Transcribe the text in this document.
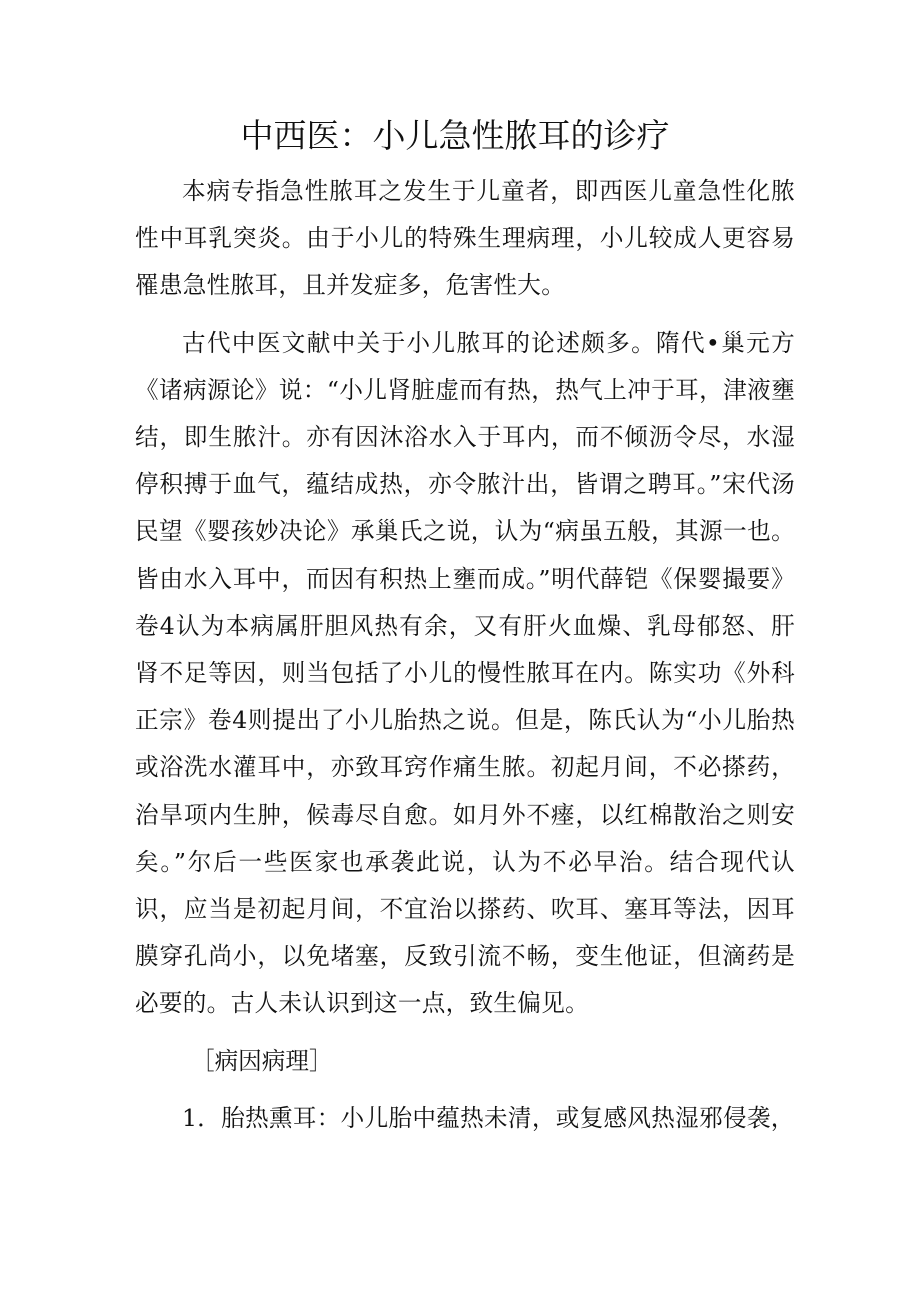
中西医：小儿急性脓耳的诊疗

本病专指急性脓耳之发生于儿童者，即西医儿童急性化脓性中耳乳突炎。由于小儿的特殊生理病理，小儿较成人更容易罹患急性脓耳，且并发症多，危害性大。

古代中医文献中关于小儿脓耳的论述颇多。隋代•巢元方《诸病源论》说：“小儿肾脏虚而有热，热气上冲于耳，津液壅结，即生脓汁。亦有因沐浴水入于耳内，而不倾沥令尽，水湿停积搏于血气，蕴结成热，亦令脓汁出，皆谓之聘耳。”宋代汤民望《婴孩妙决论》承巢氏之说，认为“病虽五般，其源一也。皆由水入耳中，而因有积热上壅而成。”明代薛铠《保婴撮要》卷4认为本病属肝胆风热有余，又有肝火血燥、乳母郁怒、肝肾不足等因，则当包括了小儿的慢性脓耳在内。陈实功《外科正宗》卷4则提出了小儿胎热之说。但是，陈氏认为“小儿胎热或浴洗水灌耳中，亦致耳窍作痛生脓。初起月间，不必搽药，治旱项内生肿，候毒尽自愈。如月外不瘗，以红棉散治之则安矣。”尔后一些医家也承袭此说，认为不必早治。结合现代认识，应当是初起月间，不宜治以搽药、吹耳、塞耳等法，因耳膜穿孔尚小，以免堵塞，反致引流不畅，变生他证，但滴药是必要的。古人未认识到这一点，致生偏见。

［病因病理］

1．胎热熏耳：小儿胎中蕴热未清，或复感风热湿邪侵袭，
